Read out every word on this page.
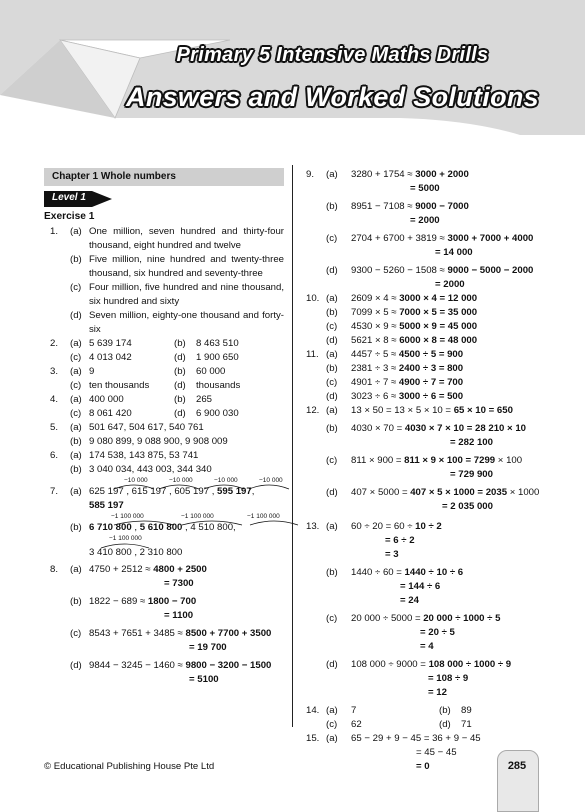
Primary 5 Intensive Maths Drills
Answers and Worked Solutions
Chapter 1 Whole numbers
Level 1
Exercise 1
1.	(a) One million, seven hundred and thirty-four thousand, eight hundred and twelve
(b) Five million, nine hundred and twenty-three thousand, six hundred and seventy-three
(c) Four million, five hundred and nine thousand, six hundred and sixty
(d) Seven million, eighty-one thousand and forty-six
2.	(a) 5 639 174	(b)	8 463 510
(c) 4 013 042	(d)	1 900 650
3.	(a) 9	(b)	60 000
(c) ten thousands	(d)	thousands
4.	(a) 400 000	(b)	265
(c) 8 061 420	(d)	6 900 030
5.	(a) 501 647, 504 617, 540 761
(b) 9 080 899, 9 088 900, 9 908 009
6.	(a) 174 538, 143 875, 53 741
(b) 3 040 034, 443 003, 344 340
−10 000	−10 000	−10 000	−10 000
7.	(a) 625 197 , 615 197 , 605 197 , 595 197,
585 197
−1 100 000	−1 100 000	−1 100 000
(b) 6 710 800 , 5 610 800 , 4 510 800,
−1 100 000
3 410 800 , 2 310 800
8.	(a) 4750 + 2512 ≈ 4800 + 2500
= 7300
(b) 1822 − 689 ≈ 1800 − 700
= 1100
(c) 8543 + 7651 + 3485 ≈ 8500 + 7700 + 3500
= 19 700
(d) 9844 − 3245 − 1460 ≈ 9800 − 3200 − 1500
= 5100
9.	(a)	3280 + 1754 ≈ 3000 + 2000
= 5000
(b)	8951 − 7108 ≈ 9000 − 7000
= 2000
(c)	2704 + 6700 + 3819 ≈ 3000 + 7000 + 4000
= 14 000
(d)	9300 − 5260 − 1508 ≈ 9000 − 5000 − 2000
= 2000
10. (a)	2609 × 4 ≈ 3000 × 4 = 12 000
(b)	7099 × 5 ≈ 7000 × 5 = 35 000
(c)	4530 × 9 ≈ 5000 × 9 = 45 000
(d)	5621 × 8 ≈ 6000 × 8 = 48 000
11. (a)	4457 ÷ 5 ≈ 4500 ÷ 5 = 900
(b)	2381 ÷ 3 ≈ 2400 ÷ 3 = 800
(c)	4901 ÷ 7 ≈ 4900 ÷ 7 = 700
(d)	3023 ÷ 6 ≈ 3000 ÷ 6 = 500
12. (a)	13 × 50 = 13 × 5 × 10 = 65 × 10 = 650
(b)	4030 × 70 = 4030 × 7 × 10 = 28 210 × 10
= 282 100
(c)	811 × 900 = 811 × 9 × 100 = 7299 × 100
= 729 900
(d)	407 × 5000 = 407 × 5 × 1000 = 2035 × 1000
= 2 035 000
13. (a)	60 ÷ 20 = 60 ÷ 10 ÷ 2
= 6 ÷ 2
= 3
(b)	1440 ÷ 60 = 1440 ÷ 10 ÷ 6
= 144 ÷ 6
= 24
(c)	20 000 ÷ 5000 = 20 000 ÷ 1000 ÷ 5
= 20 ÷ 5
= 4
(d)	108 000 ÷ 9000 = 108 000 ÷ 1000 ÷ 9
= 108 ÷ 9
= 12
14. (a)	7	(b)	89
(c)	62	(d)	71
15. (a)	65 − 29 + 9 − 45 = 36 + 9 − 45
= 45 − 45
= 0
© Educational Publishing House Pte Ltd	285
